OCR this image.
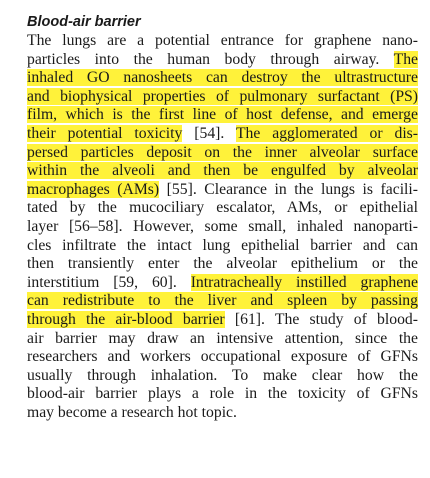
Blood-air barrier
The lungs are a potential entrance for graphene nano-
particles into the human body through airway. The
inhaled GO nanosheets can destroy the ultrastructure
and biophysical properties of pulmonary surfactant (PS)
film, which is the first line of host defense, and emerge
their potential toxicity [54]. The agglomerated or dis-
persed particles deposit on the inner alveolar surface
within the alveoli and then be engulfed by alveolar
macrophages (AMs) [55]. Clearance in the lungs is facili-
tated by the mucociliary escalator, AMs, or epithelial
layer [56–58]. However, some small, inhaled nanoparti-
cles infiltrate the intact lung epithelial barrier and can
then transiently enter the alveolar epithelium or the
interstitium [59, 60]. Intratracheally instilled graphene
can redistribute to the liver and spleen by passing
through the air-blood barrier [61]. The study of blood-
air barrier may draw an intensive attention, since the
researchers and workers occupational exposure of GFNs
usually through inhalation. To make clear how the
blood-air barrier plays a role in the toxicity of GFNs
may become a research hot topic.
